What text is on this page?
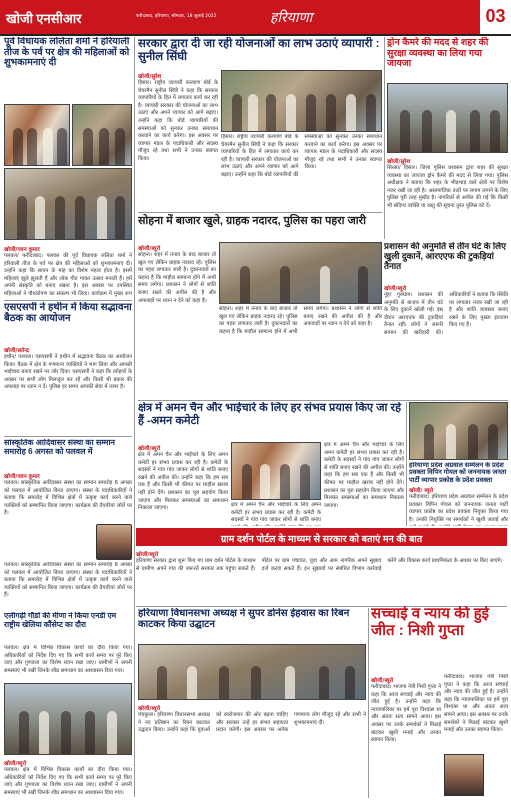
खोजी एनसीआर	फरीदाबाद, हरियाणा, सोमवार, 18 जुलाई 2022	हरियाणा	03
पूर्व विधायक ललिता शर्मा ने हरियाली तीज के पर्व पर क्षेत्र की महिलाओं को शुभकामनाएं दी
खोजी/पवन कुमार
पलवल/ फरीदाबाद। पलवल की पूर्व विधायक ललिता शर्मा ने हरियाली तीज के पर्व पर क्षेत्र की महिलाओं को शुभकामनाएं दी। उन्होंने कहा कि सावन के माह का विशेष महत्व होता है। इसमें महिलाएं झूले झूलती हैं और लोक गीत गाकर उत्सव मनाती हैं। हमें अपनी संस्कृति को बनाए रखना है। इस अवसर पर उपस्थित महिलाओं ने पौधारोपण का संकल्प भी लिया। कार्यक्रम में मुख्य रूप
एसएसपी ने हथीन में किया सद्भावना बैठक का आयोजन
खोजी/सतेन्द्र
हथीन/ पलवल। एसएसपी ने हथीन में सद्भावना बैठक का आयोजन किया। बैठक में क्षेत्र के गणमान्य व्यक्तियों ने भाग लिया और आपसी भाईचारा बनाए रखने पर जोर दिया। एसएसपी ने कहा कि त्योहारों के अवसर पर सभी लोग मिलजुल कर रहें और किसी भी प्रकार की अफवाह पर ध्यान न दें। पुलिस हर समय आपकी सेवा में तत्पर है।
सांस्कृतिक आदिवासर संस्था का सम्मान समारोह 6 अगस्त को पलवल में
खोजी/पवन कुमार
पलवल। सांस्कृतिक आदिवासर संस्था का सम्मान समारोह 6 अगस्त को पलवल में आयोजित किया जाएगा। संस्था के पदाधिकारियों ने बताया कि समारोह में विभिन्न क्षेत्रों में उत्कृष्ट कार्य करने वाले व्यक्तियों को सम्मानित किया जाएगा। कार्यक्रम की तैयारियां जोरों पर हैं।
ग्राम दर्शन पोर्टल के माध्यम से सरकार को बताएं मन की बात
पलवल। सांस्कृतिक आदिवासर संस्था का सम्मान समारोह 6 अगस्त को पलवल में आयोजित किया जाएगा। संस्था के पदाधिकारियों ने बताया कि समारोह में विभिन्न क्षेत्रों में उत्कृष्ट कार्य करने वाले व्यक्तियों को सम्मानित किया जाएगा। कार्यक्रम की तैयारियां जोरों पर हैं।
एलीगढ़ी गौडों की मीणा ने किया एनडी एम राष्ट्रीय खेलिया कौंसेप्ट का दौरा
पलवल। क्षेत्र में विभिन्न विकास कार्यों का दौरा किया गया। अधिकारियों को निर्देश दिए गए कि सभी कार्य समय पर पूरे किए जाएं और गुणवत्ता का विशेष ध्यान रखा जाए। ग्रामीणों ने अपनी समस्याएं भी रखीं जिनके शीघ्र समाधान का आश्वासन दिया गया।
खोजी/ब्यूरो
पलवल। क्षेत्र में विभिन्न विकास कार्यों का दौरा किया गया। अधिकारियों को निर्देश दिए गए कि सभी कार्य समय पर पूरे किए जाएं और गुणवत्ता का विशेष ध्यान रखा जाए। ग्रामीणों ने अपनी समस्याएं भी रखीं जिनके शीघ्र समाधान का आश्वासन दिया गया।
सरकार द्वारा दी जा रही योजनाओं का लाभ उठाएं व्यापारी : सुनील सिंघी
खोजी/सुरेश
हिसार। राष्ट्रीय व्यापारी कल्याण बोर्ड के चेयरमैन सुनील सिंघी ने कहा कि सरकार व्यापारियों के हित में लगातार कार्य कर रही है। व्यापारी सरकार की योजनाओं का लाभ उठाएं और अपने व्यापार को आगे बढ़ाएं। उन्होंने कहा कि बोर्ड व्यापारियों की समस्याओं को सुनकर उनका समाधान करवाने का कार्य करेगा। इस अवसर पर व्यापार मंडल के पदाधिकारी और सदस्य मौजूद रहे तथा सभी ने उनका स्वागत किया।
हिसार। राष्ट्रीय व्यापारी कल्याण बोर्ड के चेयरमैन सुनील सिंघी ने कहा कि सरकार व्यापारियों के हित में लगातार कार्य कर रही है। व्यापारी सरकार की योजनाओं का लाभ उठाएं और अपने व्यापार को आगे बढ़ाएं। उन्होंने कहा कि बोर्ड व्यापारियों की समस्याओं को सुनकर उनका समाधान करवाने का कार्य करेगा। इस अवसर पर व्यापार मंडल के पदाधिकारी और सदस्य मौजूद रहे तथा सभी ने उनका स्वागत किया।
सोहना में बाजार खुले, ग्राहक नदारद, पुलिस का पहरा जारी
खोजी/ब्यूरो
सोहना। शहर में तनाव के बाद बाजार तो खुल गए लेकिन ग्राहक नदारद रहे। पुलिस का पहरा लगातार जारी है। दुकानदारों का कहना है कि माहौल सामान्य होने में अभी समय लगेगा। प्रशासन ने लोगों से शांति बनाए रखने की अपील की है और अफवाहों पर ध्यान न देने को कहा है।
सोहना। शहर में तनाव के बाद बाजार तो खुल गए लेकिन ग्राहक नदारद रहे। पुलिस का पहरा लगातार जारी है। दुकानदारों का कहना है कि माहौल सामान्य होने में अभी समय लगेगा। प्रशासन ने लोगों से शांति बनाए रखने की अपील की है और अफवाहों पर ध्यान न देने को कहा है।
ड्रोन कैमरे की मदद से शहर की सुरक्षा व्यवस्था का लिया गया जायजा
खोजी/सुरेश
सिरसा/ हिसार। जिला पुलिस प्रशासन द्वारा शहर की सुरक्षा व्यवस्था का जायजा ड्रोन कैमरे की मदद से लिया गया। पुलिस अधीक्षक ने बताया कि शहर के भीड़भाड़ वाले क्षेत्रों पर विशेष नजर रखी जा रही है। असामाजिक तत्वों पर लगाम लगाने के लिए पुलिस पूरी तरह मुस्तैद है। नागरिकों से अपील की गई कि किसी भी संदिग्ध व्यक्ति या वस्तु की सूचना तुरंत पुलिस को दें।
प्रशासन की अनुमति से तीन घंटे के लिए खुली दुकानें, आरएएफ की टुकड़ियां तैनात
खोजी/ब्यूरो
नूंह/ गुरुग्राम। प्रशासन की अनुमति से बाजार में तीन घंटे के लिए दुकानें खोली गईं। इस दौरान आरएएफ की टुकड़ियां तैनात रहीं। लोगों ने जरूरी सामान की खरीदारी की। अधिकारियों ने बताया कि स्थिति पर लगातार नजर रखी जा रही है और शांति व्यवस्था बनाए रखने के लिए पुख्ता इंतजाम किए गए हैं।
क्षेत्र में अमन चैन और भाईचारे के लिए हर संभव प्रयास किए जा रहे हैं -अमन कमेटी
खोजी/ब्यूरो
क्षेत्र में अमन चैन और भाईचारे के लिए अमन कमेटी हर संभव प्रयास कर रही है। कमेटी के सदस्यों ने गांव गांव जाकर लोगों से शांति बनाए रखने की अपील की। उन्होंने कहा कि हम सब एक हैं और किसी भी कीमत पर माहौल खराब नहीं होने देंगे। प्रशासन का पूरा सहयोग किया जाएगा और मिलकर समस्याओं का समाधान निकाला जाएगा।
क्षेत्र में अमन चैन और भाईचारे के लिए अमन कमेटी हर संभव प्रयास कर रही है। कमेटी के सदस्यों ने गांव गांव जाकर लोगों से शांति बनाए
क्षेत्र में अमन चैन और भाईचारे के लिए अमन कमेटी हर संभव प्रयास कर रही है। कमेटी के सदस्यों ने गांव गांव जाकर लोगों से शांति बनाए रखने की अपील की। उन्होंने कहा कि हम सब एक हैं और किसी भी कीमत पर माहौल खराब नहीं होने देंगे। प्रशासन का पूरा सहयोग किया जाएगा और मिलकर समस्याओं का समाधान निकाला जाएगा।
हरियाणा प्रदेश अग्रवाल सम्मेलन के प्रदेश प्रवक्ता विपिन गोयल को जननायक जनता पार्टी व्यापार प्रकोष्ठ के प्रदेश प्रवक्ता
खोजी/ ब्यूरो
फरीदाबाद। हरियाणा प्रदेश अग्रवाल सम्मेलन के प्रदेश प्रवक्ता विपिन गोयल को जननायक जनता पार्टी व्यापार प्रकोष्ठ का प्रदेश प्रवक्ता नियुक्त किया गया है। उनकी नियुक्ति पर समर्थकों ने खुशी जताई और
खोजी/ब्यूरो
हरियाणा सरकार द्वारा शुरू किए गए ग्राम दर्शन पोर्टल के माध्यम से ग्रामीण अपने गांव की जरूरतें सरकार तक पहुंचा सकते हैं। पोर्टल पर ग्राम पंचायत, युवा और आम नागरिक अपने सुझाव दर्ज करवा सकते हैं। इन सुझावों पर संबंधित विभाग कार्रवाई करेंगे और विकास कार्य प्राथमिकता के आधार पर किए जाएंगे।
हरियाणा विधानसभा अध्यक्ष ने सुपर डोनेस ईहवास का रिबन काटकर किया उद्घाटन
खोजी/ब्यूरो
पंचकूला। हरियाणा विधानसभा अध्यक्ष ने नए प्रतिष्ठान का रिबन काटकर उद्घाटन किया। उन्होंने कहा कि युवाओं को स्वरोजगार की ओर बढ़ना चाहिए और सरकार उन्हें हर संभव सहायता प्रदान करेगी। इस अवसर पर अनेक गणमान्य लोग मौजूद रहे और सभी ने शुभकामनाएं दीं।
सच्चाई व न्याय की हुई जीत : निशी गुप्ता
खोजी/ब्यूरो
फरीदाबाद। भाजपा नेत्री निशी गुप्ता ने कहा कि आज सच्चाई और न्याय की जीत हुई है। उन्होंने कहा कि न्यायपालिका पर हमें पूरा विश्वास था और अंततः सत्य सामने आया। इस अवसर पर उनके समर्थकों ने मिठाई बांटकर खुशी मनाई और उनका स्वागत किया।
फरीदाबाद। भाजपा नेत्री निशी गुप्ता ने कहा कि आज सच्चाई और न्याय की जीत हुई है। उन्होंने कहा कि न्यायपालिका पर हमें पूरा विश्वास था और अंततः सत्य सामने आया। इस अवसर पर उनके समर्थकों ने मिठाई बांटकर खुशी मनाई और उनका स्वागत किया।
